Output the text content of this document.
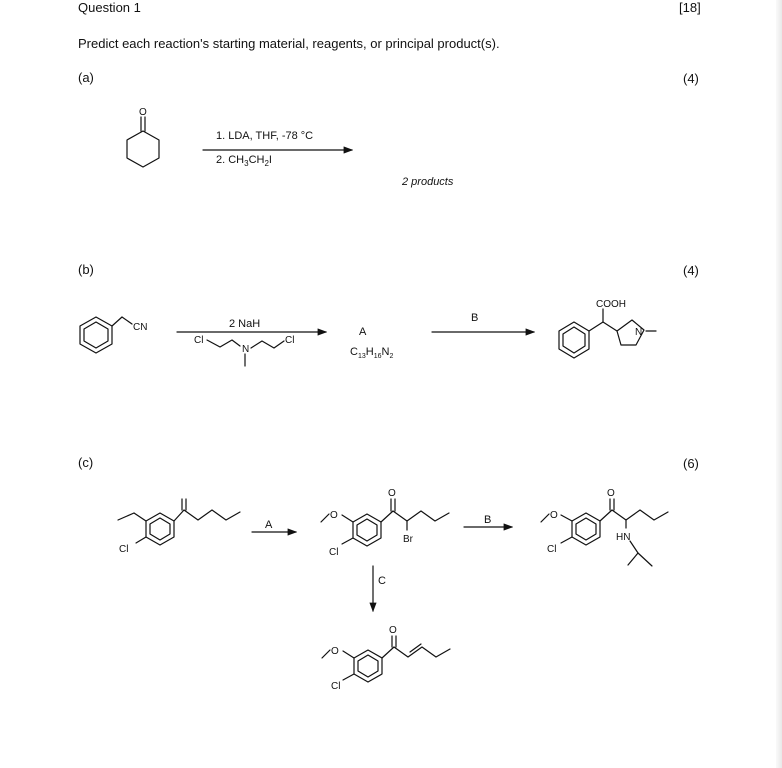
Question 1	[18]
Predict each reaction's starting material, reagents, or principal product(s).
(a)	(4)
1. LDA, THF, -78 °C
2. $CH_3CH_2I$
2 products
(b)	(4)
2 NaH
A
$C_{13}H_{16}N_2$
B
(c)	(6)
A	B
C
O
CN
Cl
N
Cl
COOH
N
Cl
O
Cl
O
Br
O
Cl
O
HN
O
Cl
O
